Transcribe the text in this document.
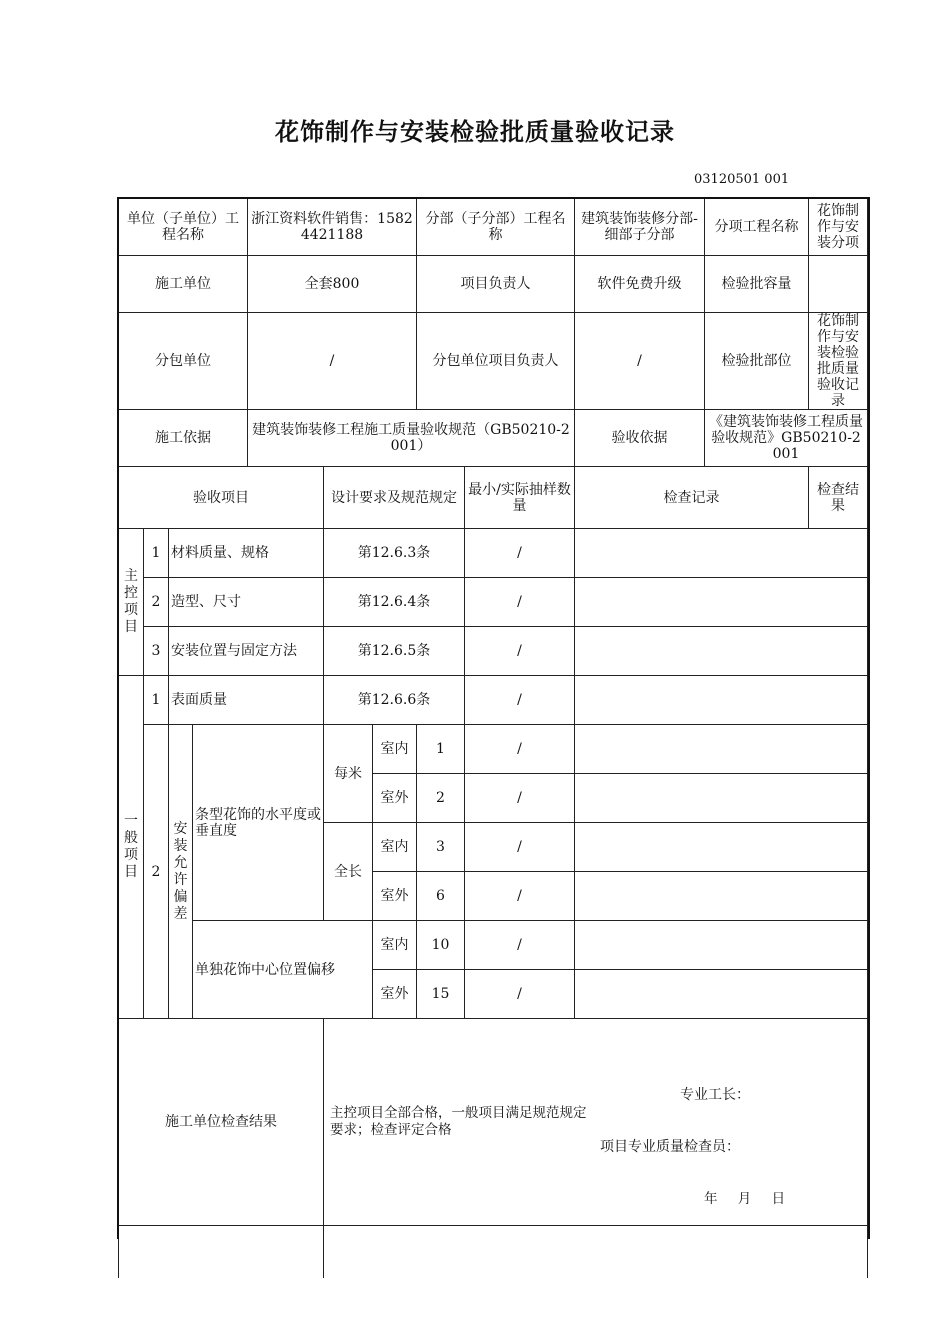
花饰制作与安装检验批质量验收记录
03120501 001
单位（子单位）工程名称				浙江资料软件销售：15824421188			分部（子分部）工程名称		建筑装饰装修分部-细部子分部	分项工程名称	花饰制作与安装分项	
施工单位				全套800			项目负责人		软件免费升级	检验批容量		
分包单位				/			分包单位项目负责人		/	检验批部位	花饰制作与安装检验批质量验收记录	
施工依据				建筑装饰装修工程施工质量验收规范（GB50210-2001）					验收依据	《建筑装饰装修工程质量验收规范》GB50210-2001		
验收项目					设计要求及规范规定			最小/实际抽样数量	检查记录		检查结果	
主控项目	1	材料质量、规格			第12.6.3条			/				
	2	造型、尺寸			第12.6.4条			/				
	3	安装位置与固定方法			第12.6.5条			/				
一般项目	1	表面质量			第12.6.6条			/				
	2	安装允许偏差	条型花饰的水平度或垂直度		每米	室内	1	/				
						室外	2	/				
					全长	室内	3	/				
						室外	6	/				
			单独花饰中心位置偏移			室内	10	/				
						室外	15	/				
施工单位检查结果					专业工长：
主控项目全部合格，一般项目满足规范规定要求；检查评定合格
项目专业质量检查员：
年 月 日							
